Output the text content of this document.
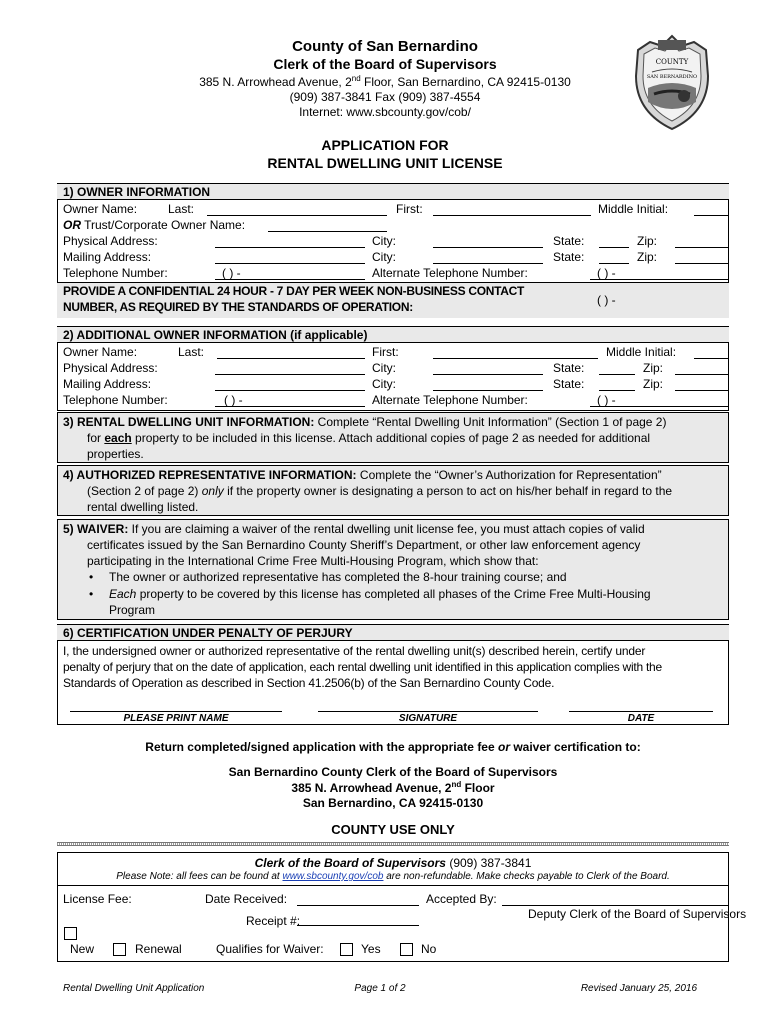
County of San Bernardino
Clerk of the Board of Supervisors
385 N. Arrowhead Avenue, 2nd Floor, San Bernardino, CA 92415-0130
(909) 387-3841 Fax (909) 387-4554
Internet: www.sbcounty.gov/cob/
APPLICATION FOR
RENTAL DWELLING UNIT LICENSE
COUNTY
SAN BERNARDINO
1) OWNER INFORMATION
Owner Name:	Last:	First:	Middle Initial:
OR Trust/Corporate Owner Name:
Physical Address:	City:	State:	Zip:
Mailing Address:	City:	State:	Zip:
Telephone Number:	( ) -	Alternate Telephone Number:	( ) -
PROVIDE A CONFIDENTIAL 24 HOUR - 7 DAY PER WEEK NON-BUSINESS CONTACT
NUMBER, AS REQUIRED BY THE STANDARDS OF OPERATION:	( ) -
2) ADDITIONAL OWNER INFORMATION (if applicable)
Owner Name:	Last:	First:	Middle Initial:
Physical Address:	City:	State:	Zip:
Mailing Address:	City:	State:	Zip:
Telephone Number:	( ) -	Alternate Telephone Number:	( ) -
3) RENTAL DWELLING UNIT INFORMATION: Complete “Rental Dwelling Unit Information” (Section 1 of page 2)
for each property to be included in this license. Attach additional copies of page 2 as needed for additional
properties.
4) AUTHORIZED REPRESENTATIVE INFORMATION: Complete the “Owner’s Authorization for Representation”
(Section 2 of page 2) only if the property owner is designating a person to act on his/her behalf in regard to the
rental dwelling listed.
5) WAIVER: If you are claiming a waiver of the rental dwelling unit license fee, you must attach copies of valid
certificates issued by the San Bernardino County Sheriff’s Department, or other law enforcement agency
participating in the International Crime Free Multi-Housing Program, which show that:
• The owner or authorized representative has completed the 8-hour training course; and
• Each property to be covered by this license has completed all phases of the Crime Free Multi-Housing
Program
6) CERTIFICATION UNDER PENALTY OF PERJURY
I, the undersigned owner or authorized representative of the rental dwelling unit(s) described herein, certify under
penalty of perjury that on the date of application, each rental dwelling unit identified in this application complies with the
Standards of Operation as described in Section 41.2506(b) of the San Bernardino County Code.
PLEASE PRINT NAME	SIGNATURE	DATE
Return completed/signed application with the appropriate fee or waiver certification to:
San Bernardino County Clerk of the Board of Supervisors
385 N. Arrowhead Avenue, 2nd Floor
San Bernardino, CA 92415-0130
COUNTY USE ONLY
Clerk of the Board of Supervisors (909) 387-3841
Please Note: all fees can be found at www.sbcounty.gov/cob are non-refundable. Make checks payable to Clerk of the Board.
License Fee:	Date Received:	Accepted By:
Deputy Clerk of the Board of Supervisors
Receipt #:
New	Renewal	Qualifies for Waiver:	Yes	No
Rental Dwelling Unit Application	Page 1 of 2	Revised January 25, 2016
